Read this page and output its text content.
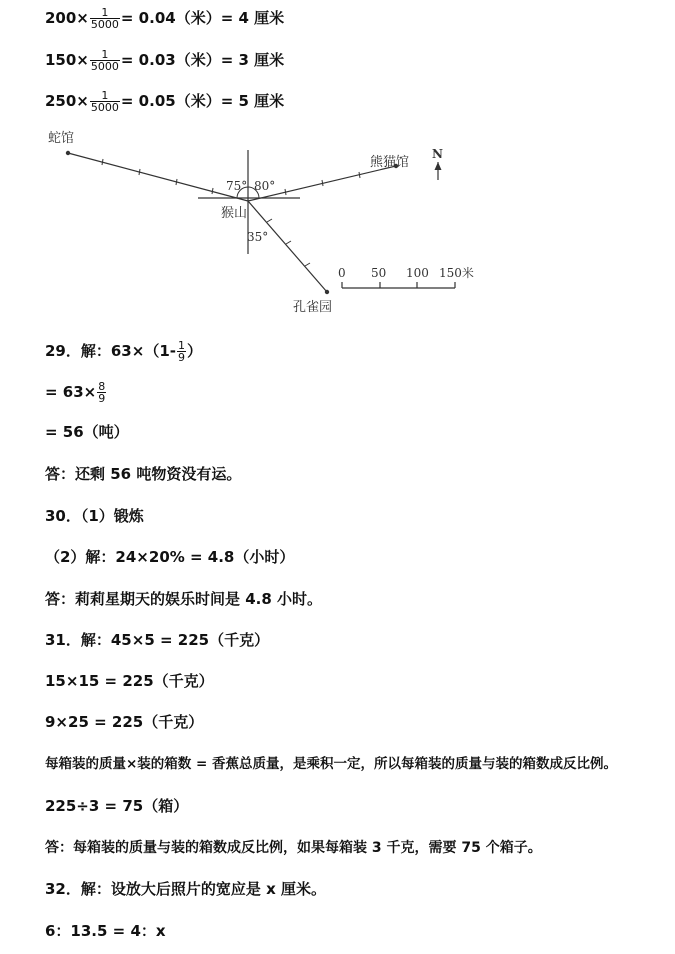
$200\times \frac{1}{5000} = 0.04$（米）= 4 厘米
$150\times \frac{1}{5000} = 0.03$（米）= 3 厘米
$250\times \frac{1}{5000} = 0.05$（米）= 5 厘米
蛇馆
熊猫馆
猴山
孔雀园
75° 80°
35°
N
0 50 100 150米
29．解：$63\times(1- \frac{1}{9}$ ）
= $63\times \frac{8}{9}$
= 56（吨）
答：还剩 56 吨物资没有运。
30．（1）锻炼
（2）解：24×20% = 4.8（小时）
答：莉莉星期天的娱乐时间是 4.8 小时。
31．解：45×5 = 225（千克）
15×15 = 225（千克）
9×25 = 225（千克）
每箱装的质量×装的箱数 = 香蕉总质量，是乘积一定，所以每箱装的质量与装的箱数成反比例。
225÷3 = 75（箱）
答：每箱装的质量与装的箱数成反比例，如果每箱装 3 千克，需要 75 个箱子。
32．解：设放大后照片的宽应是 x 厘米。
6：13.5 = 4：x
